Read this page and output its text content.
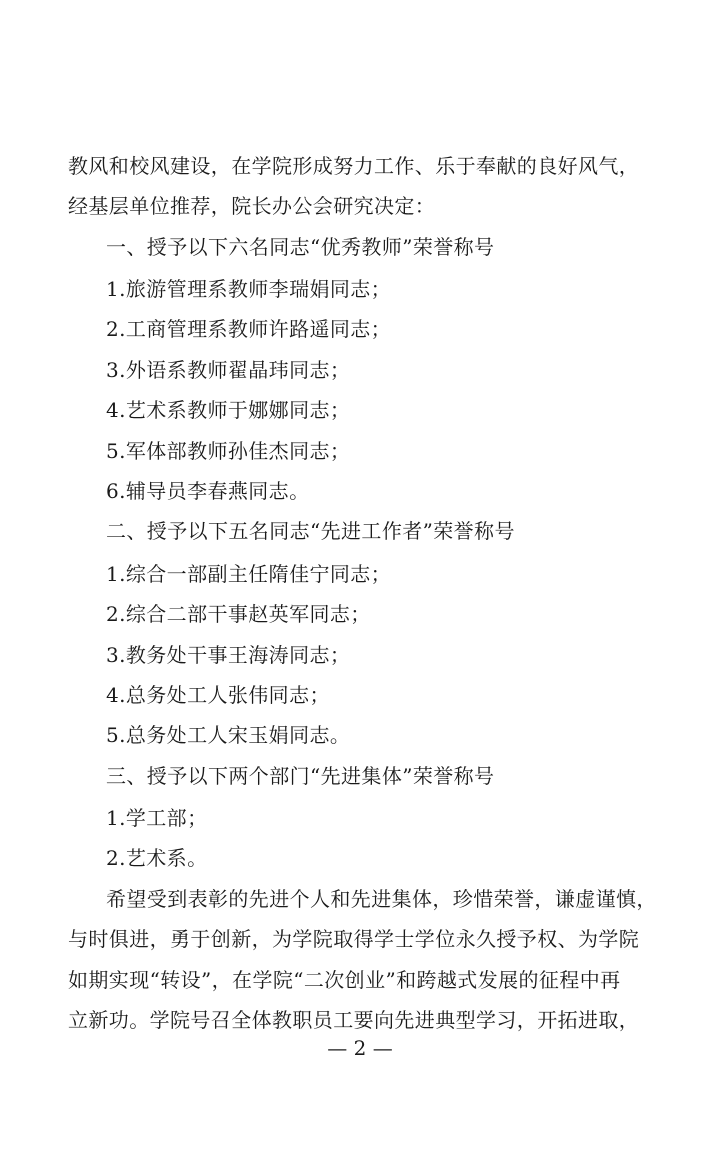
教风和校风建设，在学院形成努力工作、乐于奉献的良好风气，
经基层单位推荐，院长办公会研究决定：
一、授予以下六名同志“优秀教师”荣誉称号
1.旅游管理系教师李瑞娟同志；
2.工商管理系教师许路遥同志；
3.外语系教师翟晶玮同志；
4.艺术系教师于娜娜同志；
5.军体部教师孙佳杰同志；
6.辅导员李春燕同志。
二、授予以下五名同志“先进工作者”荣誉称号
1.综合一部副主任隋佳宁同志；
2.综合二部干事赵英军同志；
3.教务处干事王海涛同志；
4.总务处工人张伟同志；
5.总务处工人宋玉娟同志。
三、授予以下两个部门“先进集体”荣誉称号
1.学工部；
2.艺术系。
希望受到表彰的先进个人和先进集体，珍惜荣誉，谦虚谨慎，
与时俱进，勇于创新，为学院取得学士学位永久授予权、为学院
如期实现“转设”，在学院“二次创业”和跨越式发展的征程中再
立新功。学院号召全体教职员工要向先进典型学习，开拓进取，
— 2 —
